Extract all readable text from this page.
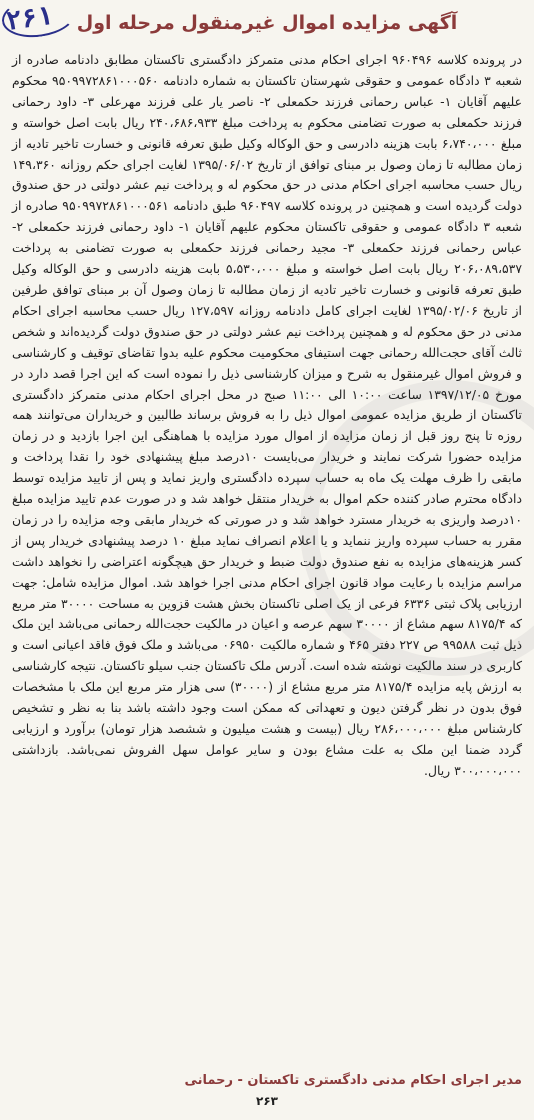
۲۶۱	آگهی مزایده اموال غیرمنقول مرحله اول

در پرونده کلاسه ۹۶۰۴۹۶ اجرای احکام مدنی متمرکز دادگستری تاکستان مطابق دادنامه صادره از شعبه ۳ دادگاه عمومی و حقوقی شهرستان تاکستان به شماره دادنامه ۹۵۰۹۹۷۲۸۶۱۰۰۰۵۶۰ محکوم علیهم آقایان ۱- عباس رحمانی فرزند حکمعلی ۲- ناصر یار علی فرزند مهرعلی ۳- داود رحمانی فرزند حکمعلی به صورت تضامنی محکوم به پرداخت مبلغ ۲۴۰،۶۸۶،۹۳۳ ریال بابت اصل خواسته و مبلغ ۶،۷۴۰،۰۰۰ بابت هزینه دادرسی و حق الوکاله وکیل طبق تعرفه قانونی و خسارت تاخیر تادیه از زمان مطالبه تا زمان وصول بر مبنای توافق از تاریخ ۱۳۹۵/۰۶/۰۲ لغایت اجرای حکم روزانه ۱۴۹،۳۶۰ ریال حسب محاسبه اجرای احکام مدنی در حق محکوم له و پرداخت نیم عشر دولتی در حق صندوق دولت گردیده است و همچنین در پرونده کلاسه ۹۶۰۴۹۷ طبق دادنامه ۹۵۰۹۹۷۲۸۶۱۰۰۰۵۶۱ صادره از شعبه ۳ دادگاه عمومی و حقوقی تاکستان محکوم علیهم آقایان ۱- داود رحمانی فرزند حکمعلی ۲- عباس رحمانی فرزند حکمعلی ۳- مجید رحمانی فرزند حکمعلی به صورت تضامنی به پرداخت ۲۰۶،۰۸۹،۵۳۷ ریال بابت اصل خواسته و مبلغ ۵،۵۳۰،۰۰۰ بابت هزینه دادرسی و حق الوکاله وکیل طبق تعرفه قانونی و خسارت تاخیر تادیه از زمان مطالبه تا زمان وصول آن بر مبنای توافق طرفین از تاریخ ۱۳۹۵/۰۲/۰۶ لغایت اجرای کامل دادنامه روزانه ۱۲۷،۵۹۷ ریال حسب محاسبه اجرای احکام مدنی در حق محکوم له و همچنین پرداخت نیم عشر دولتی در حق صندوق دولت گردیده‌اند و شخص ثالث آقای حجت‌الله رحمانی جهت استیفای محکومیت محکوم علیه بدوا تقاضای توقیف و کارشناسی و فروش اموال غیرمنقول به شرح و میزان کارشناسی ذیل را نموده است که این اجرا قصد دارد در مورخ ۱۳۹۷/۱۲/۰۵ ساعت ۱۰:۰۰ الی ۱۱:۰۰ صبح در محل اجرای احکام مدنی متمرکز دادگستری تاکستان از طریق مزایده عمومی اموال ذیل را به فروش برساند طالبین و خریداران می‌توانند همه روزه تا پنج روز قبل از زمان مزایده از اموال مورد مزایده با هماهنگی این اجرا بازدید و در زمان مزایده حضورا شرکت نمایند و خریدار می‌بایست ۱۰درصد مبلغ پیشنهادی خود را نقدا پرداخت و مابقی را ظرف مهلت یک ماه به حساب سپرده دادگستری واریز نماید و پس از تایید مزایده توسط دادگاه محترم صادر کننده حکم اموال به خریدار منتقل خواهد شد و در صورت عدم تایید مزایده مبلغ ۱۰درصد واریزی به خریدار مسترد خواهد شد و در صورتی که خریدار مابقی وجه مزایده را در زمان مقرر به حساب سپرده واریز ننماید و یا اعلام انصراف نماید مبلغ ۱۰ درصد پیشنهادی خریدار پس از کسر هزینه‌های مزایده به نفع صندوق دولت ضبط و خریدار حق هیچگونه اعتراضی را نخواهد داشت مراسم مزایده با رعایت مواد قانون اجرای احکام مدنی اجرا خواهد شد. اموال مزایده شامل: جهت ارزیابی پلاک ثبتی ۶۳۳۶ فرعی از یک اصلی تاکستان بخش هشت قزوین به مساحت ۳۰۰۰۰ متر مربع که ۸۱۷۵/۴ سهم مشاع از ۳۰۰۰۰ سهم عرصه و اعیان در مالکیت حجت‌الله رحمانی می‌باشد این ملک ذیل ثبت ۹۹۵۸۸ ص ۲۲۷ دفتر ۴۶۵ و شماره مالکیت ۰۶۹۵۰ می‌باشد و ملک فوق فاقد اعیانی است و کاربری در سند مالکیت نوشته شده است. آدرس ملک تاکستان جنب سیلو تاکستان. نتیجه کارشناسی به ارزش پایه مزایده ۸۱۷۵/۴ متر مربع مشاع از (۳۰۰۰۰) سی هزار متر مربع این ملک با مشخصات فوق بدون در نظر گرفتن دیون و تعهداتی که ممکن است وجود داشته باشد بنا به نظر و تشخیص کارشناس مبلغ ۲۸۶،۰۰۰،۰۰۰ ریال (بیست و هشت میلیون و ششصد هزار تومان) برآورد و ارزیابی گردد ضمنا این ملک به علت مشاع بودن و سایر عوامل سهل الفروش نمی‌باشد. بازداشتی ۳۰۰،۰۰۰،۰۰۰ ریال.

مدیر اجرای احکام مدنی دادگستری تاکستان - رحمانی
۲۶۳
